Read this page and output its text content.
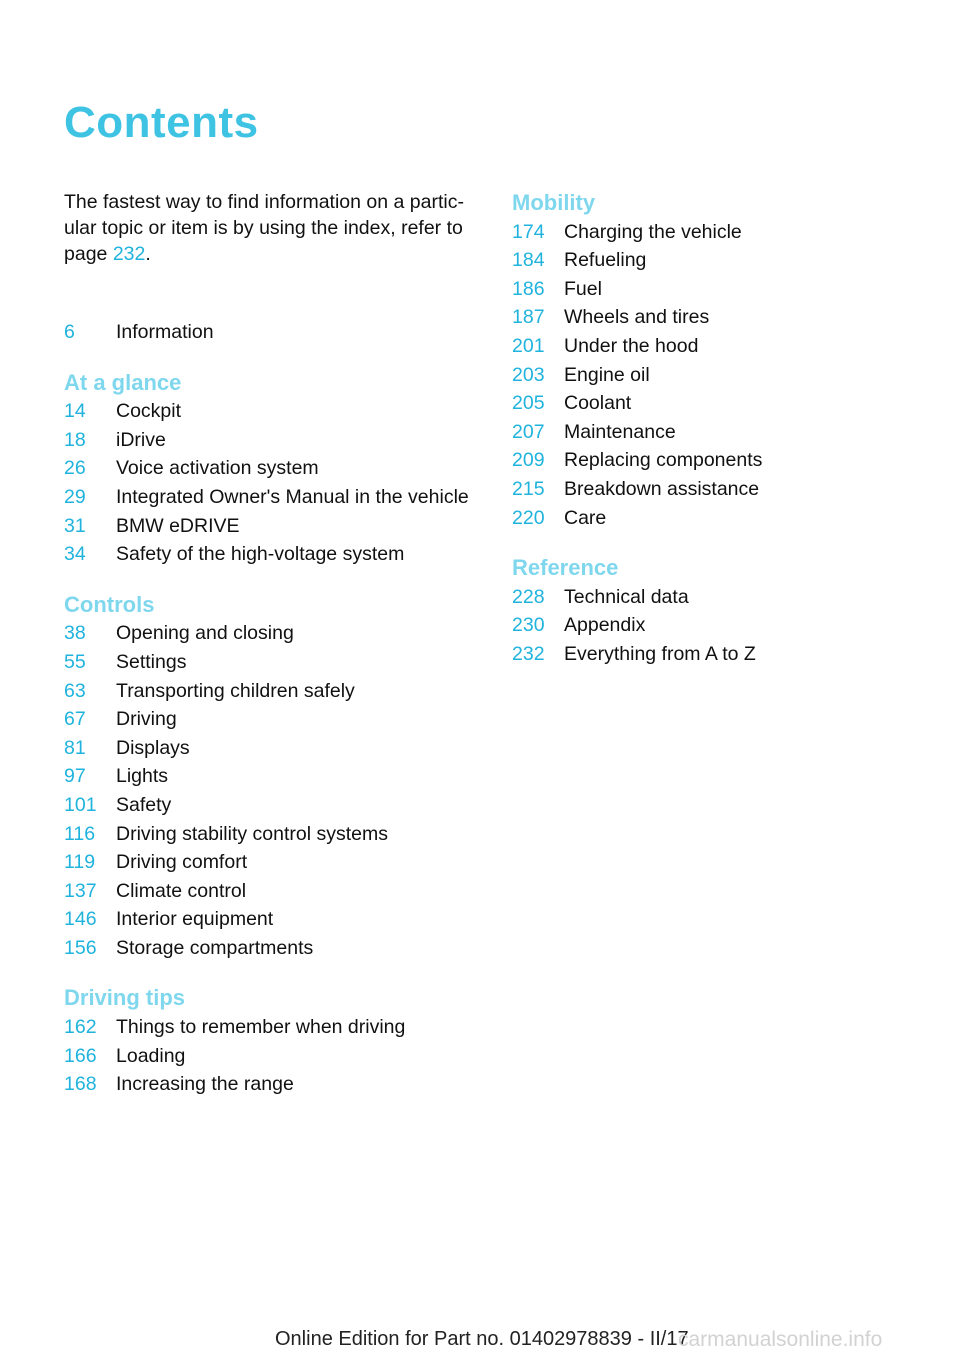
Contents

The fastest way to find information on a partic-ular topic or item is by using the index, refer to page 232.

6	Information
At a glance
14	Cockpit
18	iDrive
26	Voice activation system
29	Integrated Owner's Manual in the vehicle
31	BMW eDRIVE
34	Safety of the high-voltage system
Controls
38	Opening and closing
55	Settings
63	Transporting children safely
67	Driving
81	Displays
97	Lights
101 Safety
116	Driving stability control systems
119	Driving comfort
137 Climate control
146 Interior equipment
156 Storage compartments
Driving tips
162 Things to remember when driving
166 Loading
168 Increasing the range
Mobility
174 Charging the vehicle
184 Refueling
186 Fuel
187 Wheels and tires
201 Under the hood
203 Engine oil
205 Coolant
207 Maintenance
209 Replacing components
215 Breakdown assistance
220 Care
Reference
228 Technical data
230 Appendix
232 Everything from A to Z
Online Edition for Part no. 01402978839 - II/17
carmanualsonline.info
